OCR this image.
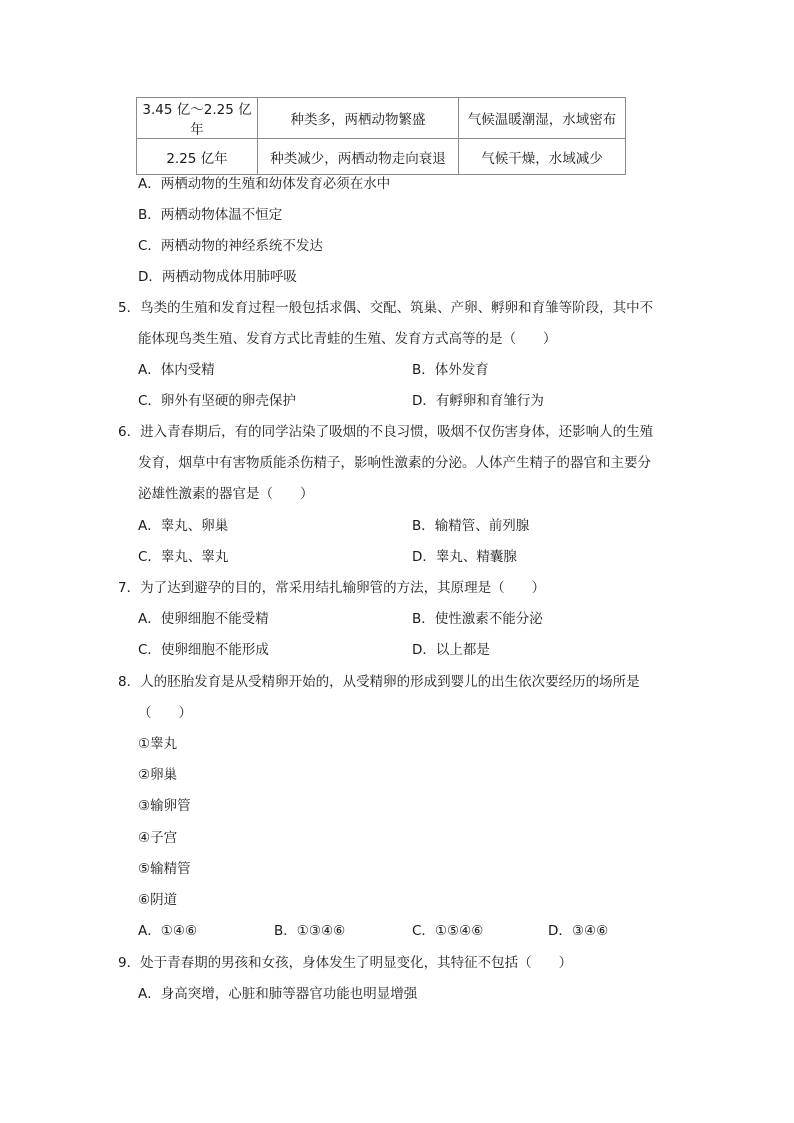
3.45 亿～2.25 亿年	种类多，两栖动物繁盛	气候温暖潮湿，水域密布
2.25 亿年	种类减少，两栖动物走向衰退	气候干燥，水域减少
A．两栖动物的生殖和幼体发育必须在水中
B．两栖动物体温不恒定
C．两栖动物的神经系统不发达
D．两栖动物成体用肺呼吸
5．鸟类的生殖和发育过程一般包括求偶、交配、筑巢、产卵、孵卵和育雏等阶段，其中不
能体现鸟类生殖、发育方式比青蛙的生殖、发育方式高等的是（　　）
A．体内受精	B．体外发育
C．卵外有坚硬的卵壳保护	D．有孵卵和育雏行为
6．进入青春期后，有的同学沾染了吸烟的不良习惯，吸烟不仅伤害身体，还影响人的生殖
发育，烟草中有害物质能杀伤精子，影响性激素的分泌。人体产生精子的器官和主要分
泌雄性激素的器官是（　　）
A．睾丸、卵巢	B．输精管、前列腺
C．睾丸、睾丸	D．睾丸、精囊腺
7．为了达到避孕的目的，常采用结扎输卵管的方法，其原理是（　　）
A．使卵细胞不能受精	B．使性激素不能分泌
C．使卵细胞不能形成	D．以上都是
8．人的胚胎发育是从受精卵开始的，从受精卵的形成到婴儿的出生依次要经历的场所是
（　　）
①睾丸
②卵巢
③输卵管
④子宫
⑤输精管
⑥阴道
A．①④⑥	B．①③④⑥	C．①⑤④⑥	D．③④⑥
9．处于青春期的男孩和女孩，身体发生了明显变化，其特征不包括（　　）
A．身高突增，心脏和肺等器官功能也明显增强
